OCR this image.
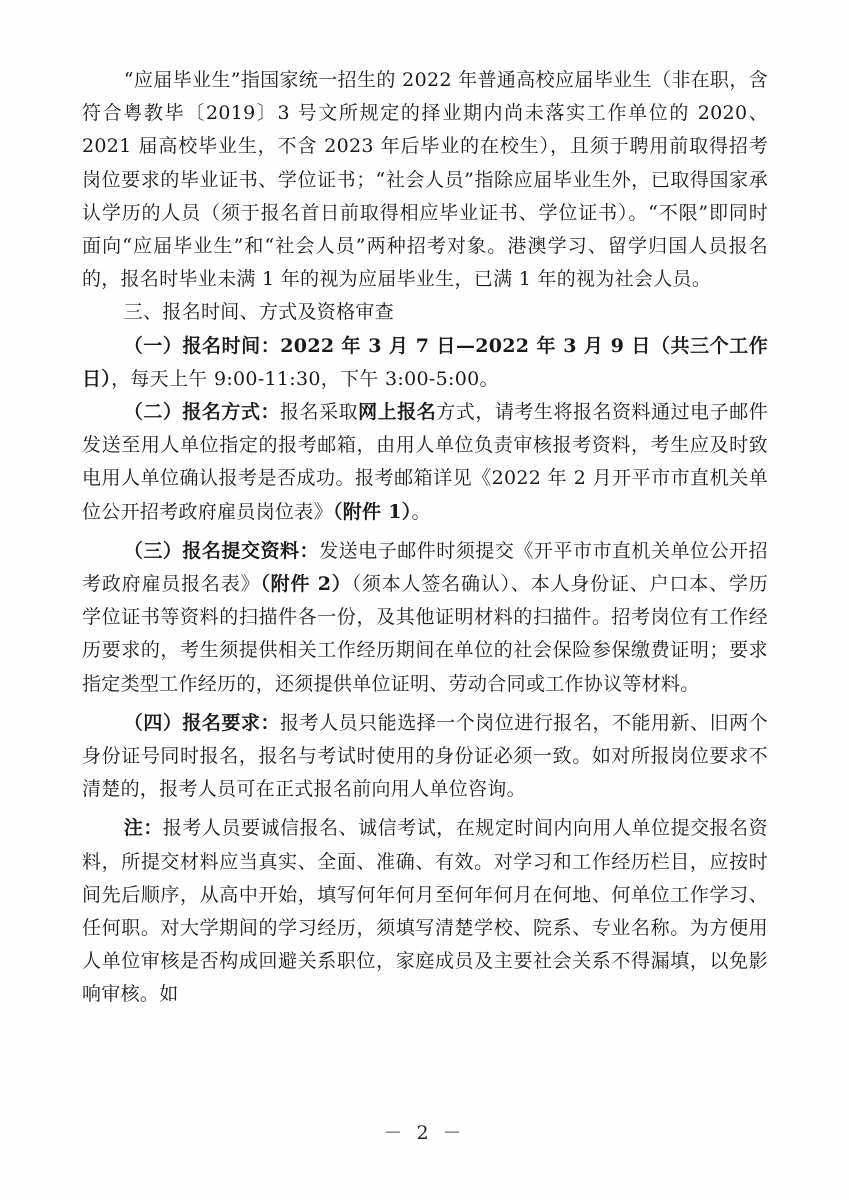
“应届毕业生”指国家统一招生的 2022 年普通高校应届毕业生（非在职，含符合粤教毕〔2019〕3 号文所规定的择业期内尚未落实工作单位的 2020、2021 届高校毕业生，不含 2023 年后毕业的在校生），且须于聘用前取得招考岗位要求的毕业证书、学位证书；“社会人员”指除应届毕业生外，已取得国家承认学历的人员（须于报名首日前取得相应毕业证书、学位证书）。“不限”即同时面向“应届毕业生”和“社会人员”两种招考对象。港澳学习、留学归国人员报名的，报名时毕业未满 1 年的视为应届毕业生，已满 1 年的视为社会人员。

三、报名时间、方式及资格审查

（一）报名时间：2022 年 3 月 7 日—2022 年 3 月 9 日（共三个工作日），每天上午 9:00-11:30，下午 3:00-5:00。

（二）报名方式：报名采取网上报名方式，请考生将报名资料通过电子邮件发送至用人单位指定的报考邮箱，由用人单位负责审核报考资料，考生应及时致电用人单位确认报考是否成功。报考邮箱详见《2022 年 2 月开平市市直机关单位公开招考政府雇员岗位表》（附件 1）。

（三）报名提交资料：发送电子邮件时须提交《开平市市直机关单位公开招考政府雇员报名表》（附件 2）（须本人签名确认）、本人身份证、户口本、学历学位证书等资料的扫描件各一份，及其他证明材料的扫描件。招考岗位有工作经历要求的，考生须提供相关工作经历期间在单位的社会保险参保缴费证明；要求指定类型工作经历的，还须提供单位证明、劳动合同或工作协议等材料。

（四）报名要求：报考人员只能选择一个岗位进行报名，不能用新、旧两个身份证号同时报名，报名与考试时使用的身份证必须一致。如对所报岗位要求不清楚的，报考人员可在正式报名前向用人单位咨询。

注：报考人员要诚信报名、诚信考试，在规定时间内向用人单位提交报名资料，所提交材料应当真实、全面、准确、有效。对学习和工作经历栏目，应按时间先后顺序，从高中开始，填写何年何月至何年何月在何地、何单位工作学习、任何职。对大学期间的学习经历，须填写清楚学校、院系、专业名称。为方便用人单位审核是否构成回避关系职位，家庭成员及主要社会关系不得漏填，以免影响审核。如

－ 2 －
